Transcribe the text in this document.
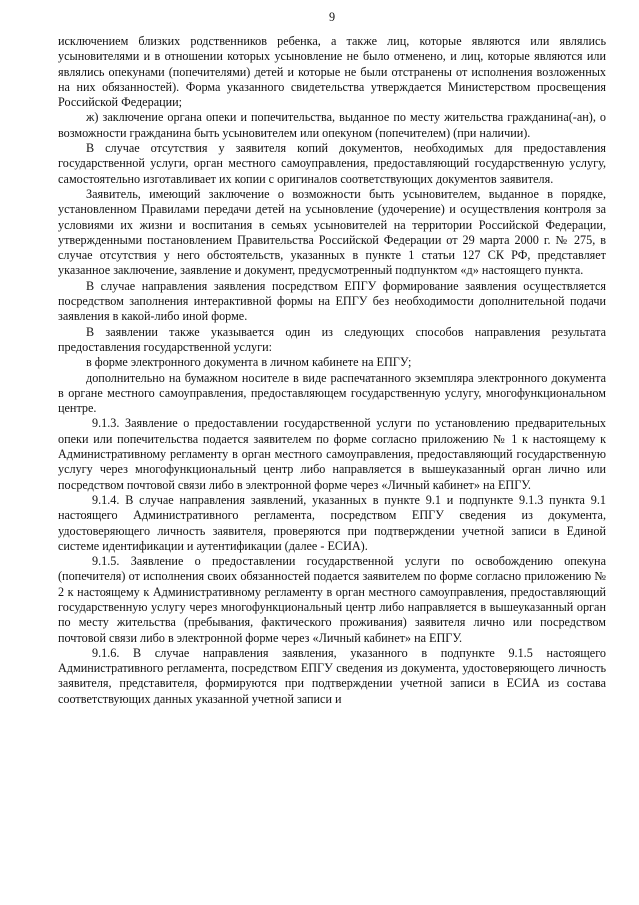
9

исключением близких родственников ребенка, а также лиц, которые являются или являлись усыновителями и в отношении которых усыновление не было отменено, и лиц, которые являются или являлись опекунами (попечителями) детей и которые не были отстранены от исполнения возложенных на них обязанностей). Форма указанного свидетельства утверждается Министерством просвещения Российской Федерации;

ж) заключение органа опеки и попечительства, выданное по месту жительства гражданина(-ан), о возможности гражданина быть усыновителем или опекуном (попечителем) (при наличии).

В случае отсутствия у заявителя копий документов, необходимых для предоставления государственной услуги, орган местного самоуправления, предоставляющий государственную услугу, самостоятельно изготавливает их копии с оригиналов соответствующих документов заявителя.

Заявитель, имеющий заключение о возможности быть усыновителем, выданное в порядке, установленном Правилами передачи детей на усыновление (удочерение) и осуществления контроля за условиями их жизни и воспитания в семьях усыновителей на территории Российской Федерации, утвержденными постановлением Правительства Российской Федерации от 29 марта 2000 г. № 275, в случае отсутствия у него обстоятельств, указанных в пункте 1 статьи 127 СК РФ, представляет указанное заключение, заявление и документ, предусмотренный подпунктом «д» настоящего пункта.

В случае направления заявления посредством ЕПГУ формирование заявления осуществляется посредством заполнения интерактивной формы на ЕПГУ без необходимости дополнительной подачи заявления в какой-либо иной форме.

В заявлении также указывается один из следующих способов направления результата предоставления государственной услуги:

в форме электронного документа в личном кабинете на ЕПГУ;

дополнительно на бумажном носителе в виде распечатанного экземпляра электронного документа в органе местного самоуправления, предоставляющем государственную услугу, многофункциональном центре.

9.1.3. Заявление о предоставлении государственной услуги по установлению предварительных опеки или попечительства подается заявителем по форме согласно приложению № 1 к настоящему к Административному регламенту в орган местного самоуправления, предоставляющий государственную услугу через многофункциональный центр либо направляется в вышеуказанный орган лично или посредством почтовой связи либо в электронной форме через «Личный кабинет» на ЕПГУ.

9.1.4. В случае направления заявлений, указанных в пункте 9.1 и подпункте 9.1.3 пункта 9.1 настоящего Административного регламента, посредством ЕПГУ сведения из документа, удостоверяющего личность заявителя, проверяются при подтверждении учетной записи в Единой системе идентификации и аутентификации (далее - ЕСИА).

9.1.5. Заявление о предоставлении государственной услуги по освобождению опекуна (попечителя) от исполнения своих обязанностей подается заявителем по форме согласно приложению № 2 к настоящему к Административному регламенту в орган местного самоуправления, предоставляющий государственную услугу через многофункциональный центр либо направляется в вышеуказанный орган по месту жительства (пребывания, фактического проживания) заявителя лично или посредством почтовой связи либо в электронной форме через «Личный кабинет» на ЕПГУ.

9.1.6. В случае направления заявления, указанного в подпункте 9.1.5 настоящего Административного регламента, посредством ЕПГУ сведения из документа, удостоверяющего личность заявителя, представителя, формируются при подтверждении учетной записи в ЕСИА из состава соответствующих данных указанной учетной записи и
